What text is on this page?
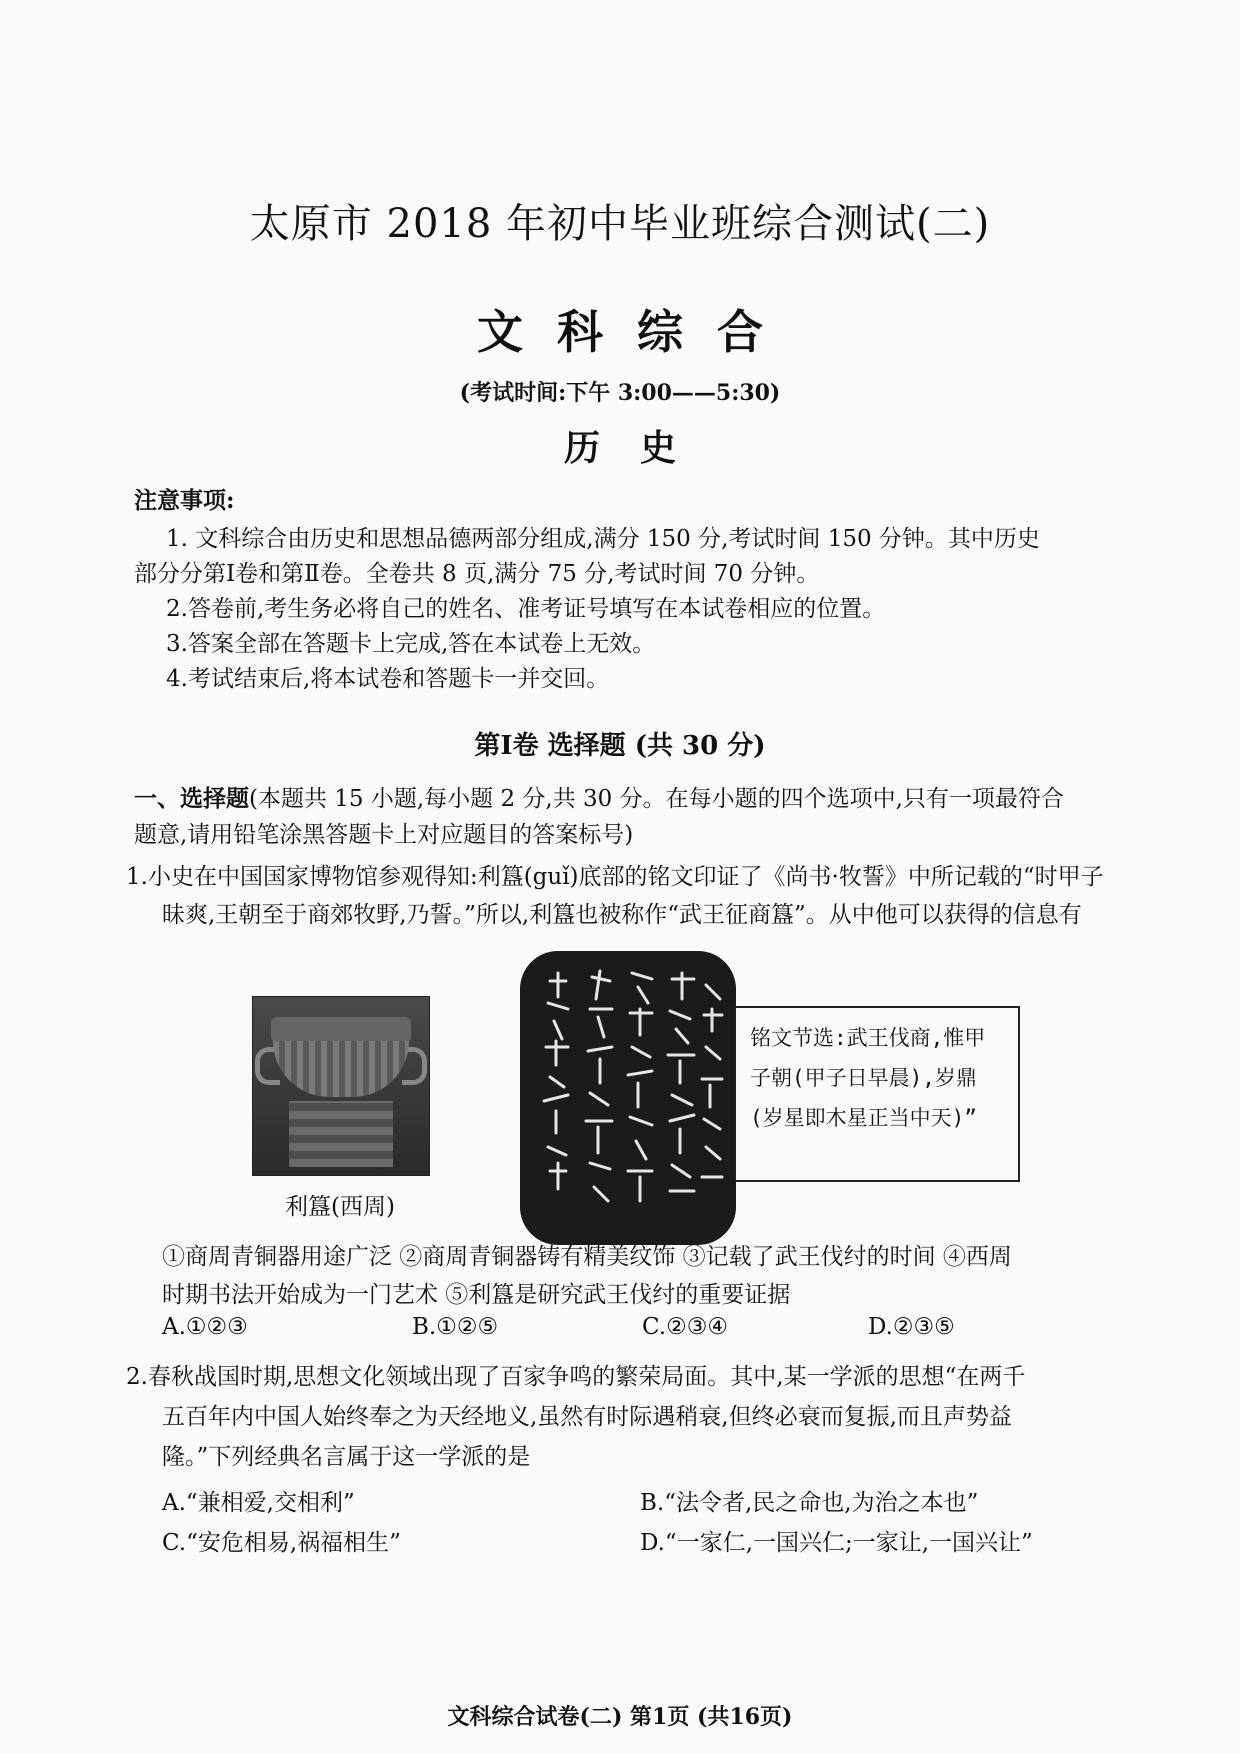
太原市 2018 年初中毕业班综合测试(二)
文科综合
(考试时间:下午 3:00——5:30)
历史
注意事项:
1. 文科综合由历史和思想品德两部分组成,满分 150 分,考试时间 150 分钟。其中历史
部分分第Ⅰ卷和第Ⅱ卷。全卷共 8 页,满分 75 分,考试时间 70 分钟。
2.答卷前,考生务必将自己的姓名、准考证号填写在本试卷相应的位置。
3.答案全部在答题卡上完成,答在本试卷上无效。
4.考试结束后,将本试卷和答题卡一并交回。
第Ⅰ卷 选择题 (共 30 分)
一、选择题(本题共 15 小题,每小题 2 分,共 30 分。在每小题的四个选项中,只有一项最符合
题意,请用铅笔涂黑答题卡上对应题目的答案标号)
1.小史在中国国家博物馆参观得知:利簋(guǐ)底部的铭文印证了《尚书·牧誓》中所记载的“时甲子
昧爽,王朝至于商郊牧野,乃誓。”所以,利簋也被称作“武王征商簋”。从中他可以获得的信息有
利簋(西周)
铭文节选:武王伐商,惟甲子朝(甲子日早晨),岁鼎(岁星即木星正当中天)”
①商周青铜器用途广泛 ②商周青铜器铸有精美纹饰 ③记载了武王伐纣的时间 ④西周
时期书法开始成为一门艺术 ⑤利簋是研究武王伐纣的重要证据
A.①②③	B.①②⑤	C.②③④	D.②③⑤
2.春秋战国时期,思想文化领域出现了百家争鸣的繁荣局面。其中,某一学派的思想“在两千
五百年内中国人始终奉之为天经地义,虽然有时际遇稍衰,但终必衰而复振,而且声势益
隆。”下列经典名言属于这一学派的是
A.“兼相爱,交相利”	B.“法令者,民之命也,为治之本也”
C.“安危相易,祸福相生”	D.“一家仁,一国兴仁;一家让,一国兴让”
文科综合试卷(二) 第1页 (共16页)
